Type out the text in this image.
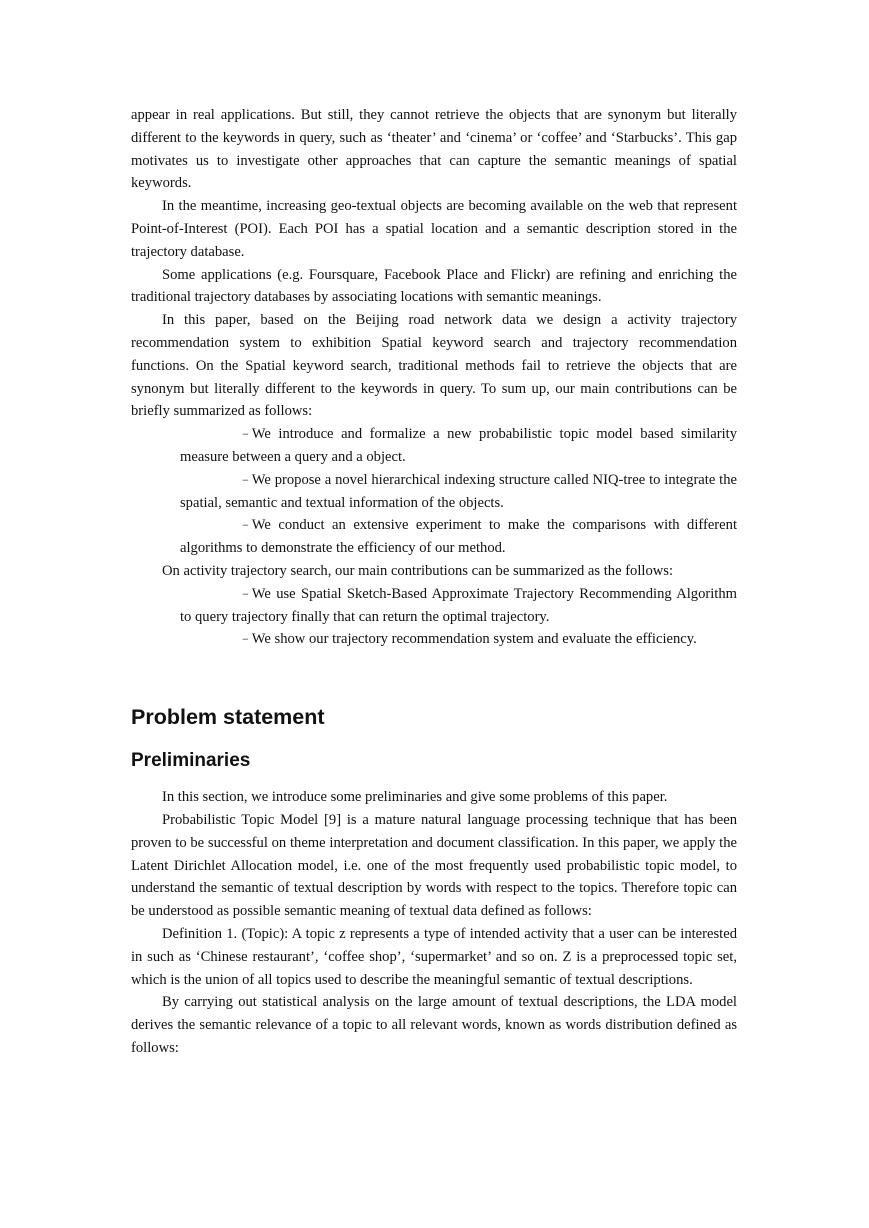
appear in real applications. But still, they cannot retrieve the objects that are synonym but literally different to the keywords in query, such as ‘theater’ and ‘cinema’ or ‘coffee’ and ‘Starbucks’. This gap motivates us to investigate other approaches that can capture the semantic meanings of spatial keywords.

In the meantime, increasing geo-textual objects are becoming available on the web that represent Point-of-Interest (POI). Each POI has a spatial location and a semantic description stored in the trajectory database.

Some applications (e.g. Foursquare, Facebook Place and Flickr) are refining and enriching the traditional trajectory databases by associating locations with semantic meanings.

In this paper, based on the Beijing road network data we design a activity trajectory recommendation system to exhibition Spatial keyword search and trajectory recommendation functions. On the Spatial keyword search, traditional methods fail to retrieve the objects that are synonym but literally different to the keywords in query. To sum up, our main contributions can be briefly summarized as follows:

− We introduce and formalize a new probabilistic topic model based similarity measure between a query and a object.

− We propose a novel hierarchical indexing structure called NIQ-tree to integrate the spatial, semantic and textual information of the objects.

− We conduct an extensive experiment to make the comparisons with different algorithms to demonstrate the efficiency of our method.

On activity trajectory search, our main contributions can be summarized as the follows:

− We use Spatial Sketch-Based Approximate Trajectory Recommending Algorithm to query trajectory finally that can return the optimal trajectory.

− We show our trajectory recommendation system and evaluate the efficiency.

Problem statement
Preliminaries

In this section, we introduce some preliminaries and give some problems of this paper.

Probabilistic Topic Model [9] is a mature natural language processing technique that has been proven to be successful on theme interpretation and document classification. In this paper, we apply the Latent Dirichlet Allocation model, i.e. one of the most frequently used probabilistic topic model, to understand the semantic of textual description by words with respect to the topics. Therefore topic can be understood as possible semantic meaning of textual data defined as follows:

Definition 1. (Topic): A topic z represents a type of intended activity that a user can be interested in such as ‘Chinese restaurant’, ‘coffee shop’, ‘supermarket’ and so on. Z is a preprocessed topic set, which is the union of all topics used to describe the meaningful semantic of textual descriptions.

By carrying out statistical analysis on the large amount of textual descriptions, the LDA model derives the semantic relevance of a topic to all relevant words, known as words distribution defined as follows:
